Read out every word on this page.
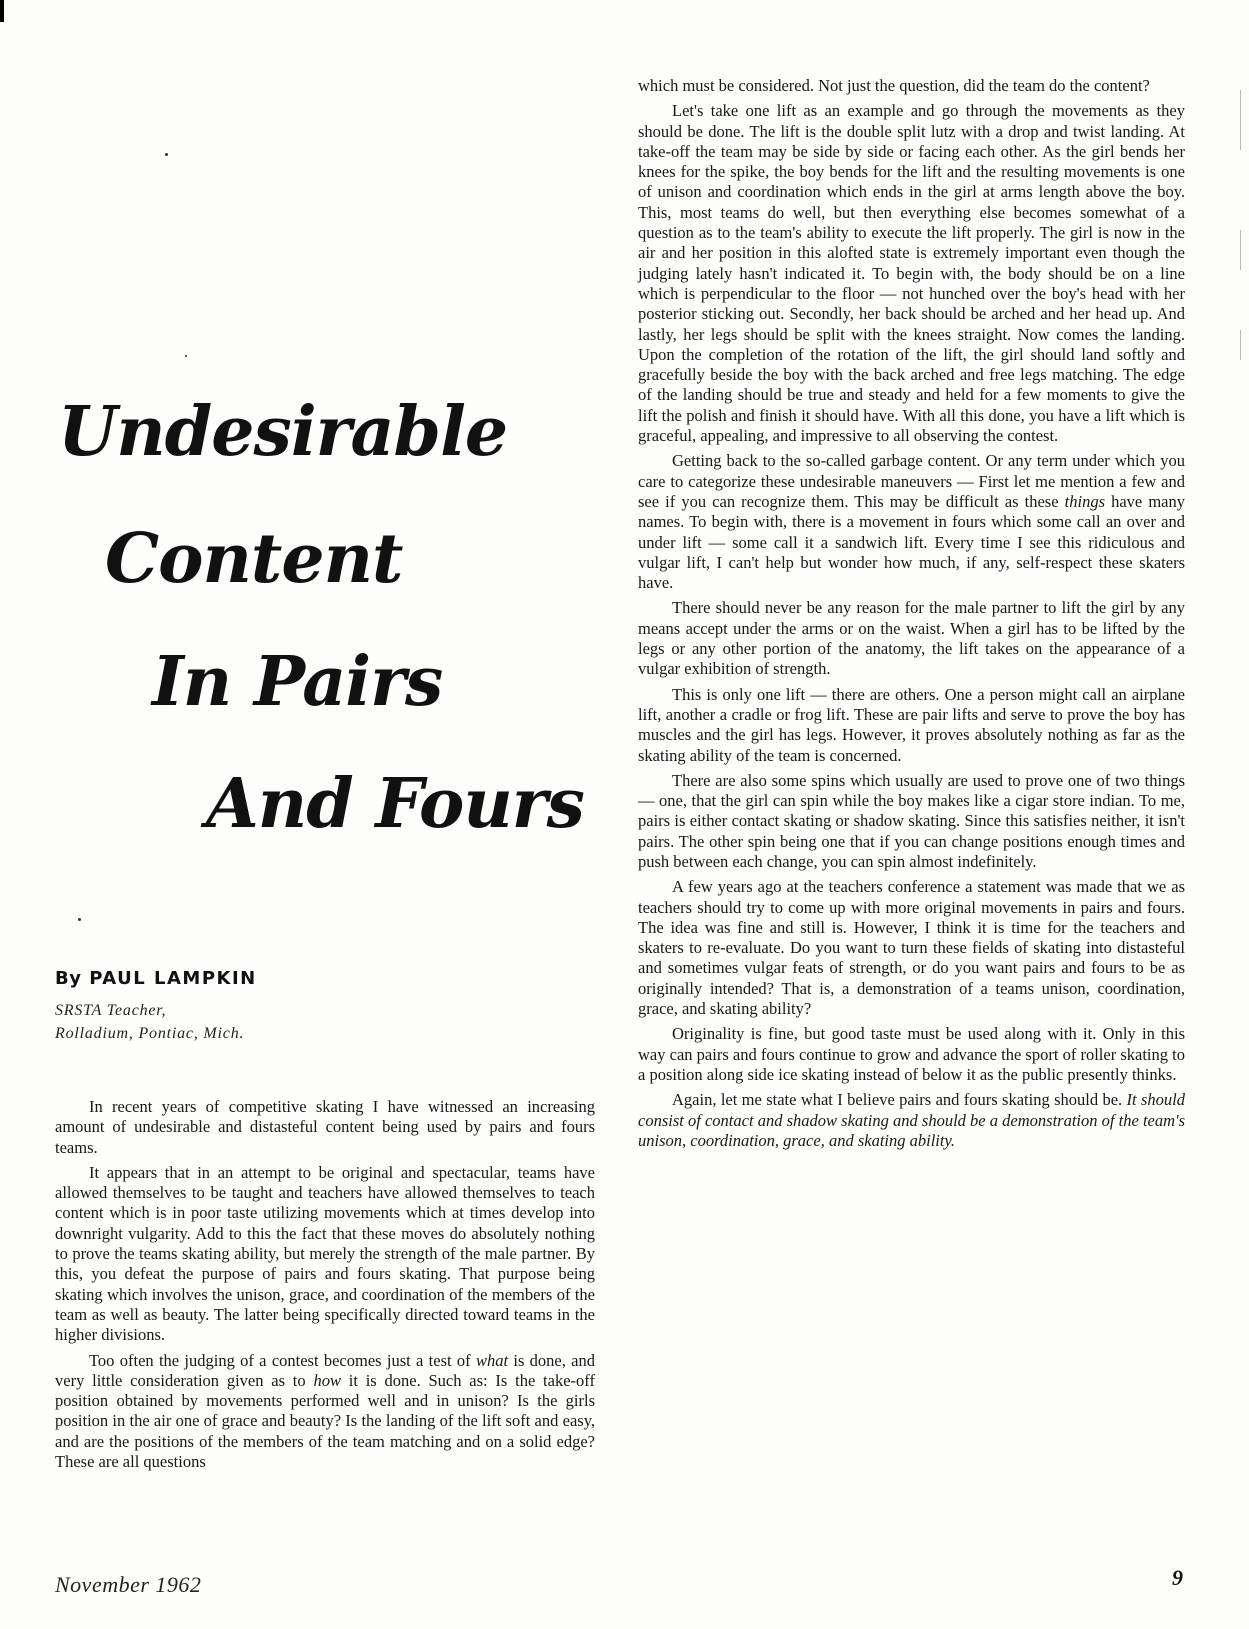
Undesirable
Content
In Pairs
And Fours

By PAUL LAMPKIN

SRSTA Teacher,

Rolladium, Pontiac, Mich.

In recent years of competitive skating I have witnessed an increasing amount of undesirable and distasteful content being used by pairs and fours teams.

It appears that in an attempt to be original and spectacular, teams have allowed themselves to be taught and teachers have allowed themselves to teach content which is in poor taste utilizing movements which at times develop into downright vulgarity. Add to this the fact that these moves do absolutely nothing to prove the teams skating ability, but merely the strength of the male partner. By this, you defeat the purpose of pairs and fours skating. That purpose being skating which involves the unison, grace, and coordination of the members of the team as well as beauty. The latter being specifically directed toward teams in the higher divisions.

Too often the judging of a contest becomes just a test of what is done, and very little consideration given as to how it is done. Such as: Is the take-off position obtained by movements performed well and in unison? Is the girls position in the air one of grace and beauty? Is the landing of the lift soft and easy, and are the positions of the members of the team matching and on a solid edge? These are all questions

which must be considered. Not just the question, did the team do the content?

Let's take one lift as an example and go through the movements as they should be done. The lift is the double split lutz with a drop and twist landing. At take-off the team may be side by side or facing each other. As the girl bends her knees for the spike, the boy bends for the lift and the resulting movements is one of unison and coordination which ends in the girl at arms length above the boy. This, most teams do well, but then everything else becomes somewhat of a question as to the team's ability to execute the lift properly. The girl is now in the air and her position in this alofted state is extremely important even though the judging lately hasn't indicated it. To begin with, the body should be on a line which is perpendicular to the floor — not hunched over the boy's head with her posterior sticking out. Secondly, her back should be arched and her head up. And lastly, her legs should be split with the knees straight. Now comes the landing. Upon the completion of the rotation of the lift, the girl should land softly and gracefully beside the boy with the back arched and free legs matching. The edge of the landing should be true and steady and held for a few moments to give the lift the polish and finish it should have. With all this done, you have a lift which is graceful, appealing, and impressive to all observing the contest.

Getting back to the so-called garbage content. Or any term under which you care to categorize these undesirable maneuvers — First let me mention a few and see if you can recognize them. This may be difficult as these things have many names. To begin with, there is a movement in fours which some call an over and under lift — some call it a sandwich lift. Every time I see this ridiculous and vulgar lift, I can't help but wonder how much, if any, self-respect these skaters have.

There should never be any reason for the male partner to lift the girl by any means accept under the arms or on the waist. When a girl has to be lifted by the legs or any other portion of the anatomy, the lift takes on the appearance of a vulgar exhibition of strength.

This is only one lift — there are others. One a person might call an airplane lift, another a cradle or frog lift. These are pair lifts and serve to prove the boy has muscles and the girl has legs. However, it proves absolutely nothing as far as the skating ability of the team is concerned.

There are also some spins which usually are used to prove one of two things — one, that the girl can spin while the boy makes like a cigar store indian. To me, pairs is either contact skating or shadow skating. Since this satisfies neither, it isn't pairs. The other spin being one that if you can change positions enough times and push between each change, you can spin almost indefinitely.

A few years ago at the teachers conference a statement was made that we as teachers should try to come up with more original movements in pairs and fours. The idea was fine and still is. However, I think it is time for the teachers and skaters to re-evaluate. Do you want to turn these fields of skating into distasteful and sometimes vulgar feats of strength, or do you want pairs and fours to be as originally intended? That is, a demonstration of a teams unison, coordination, grace, and skating ability?

Originality is fine, but good taste must be used along with it. Only in this way can pairs and fours continue to grow and advance the sport of roller skating to a position along side ice skating instead of below it as the public presently thinks.

Again, let me state what I believe pairs and fours skating should be. It should consist of contact and shadow skating and should be a demonstration of the team's unison, coordination, grace, and skating ability.

November 1962	9
